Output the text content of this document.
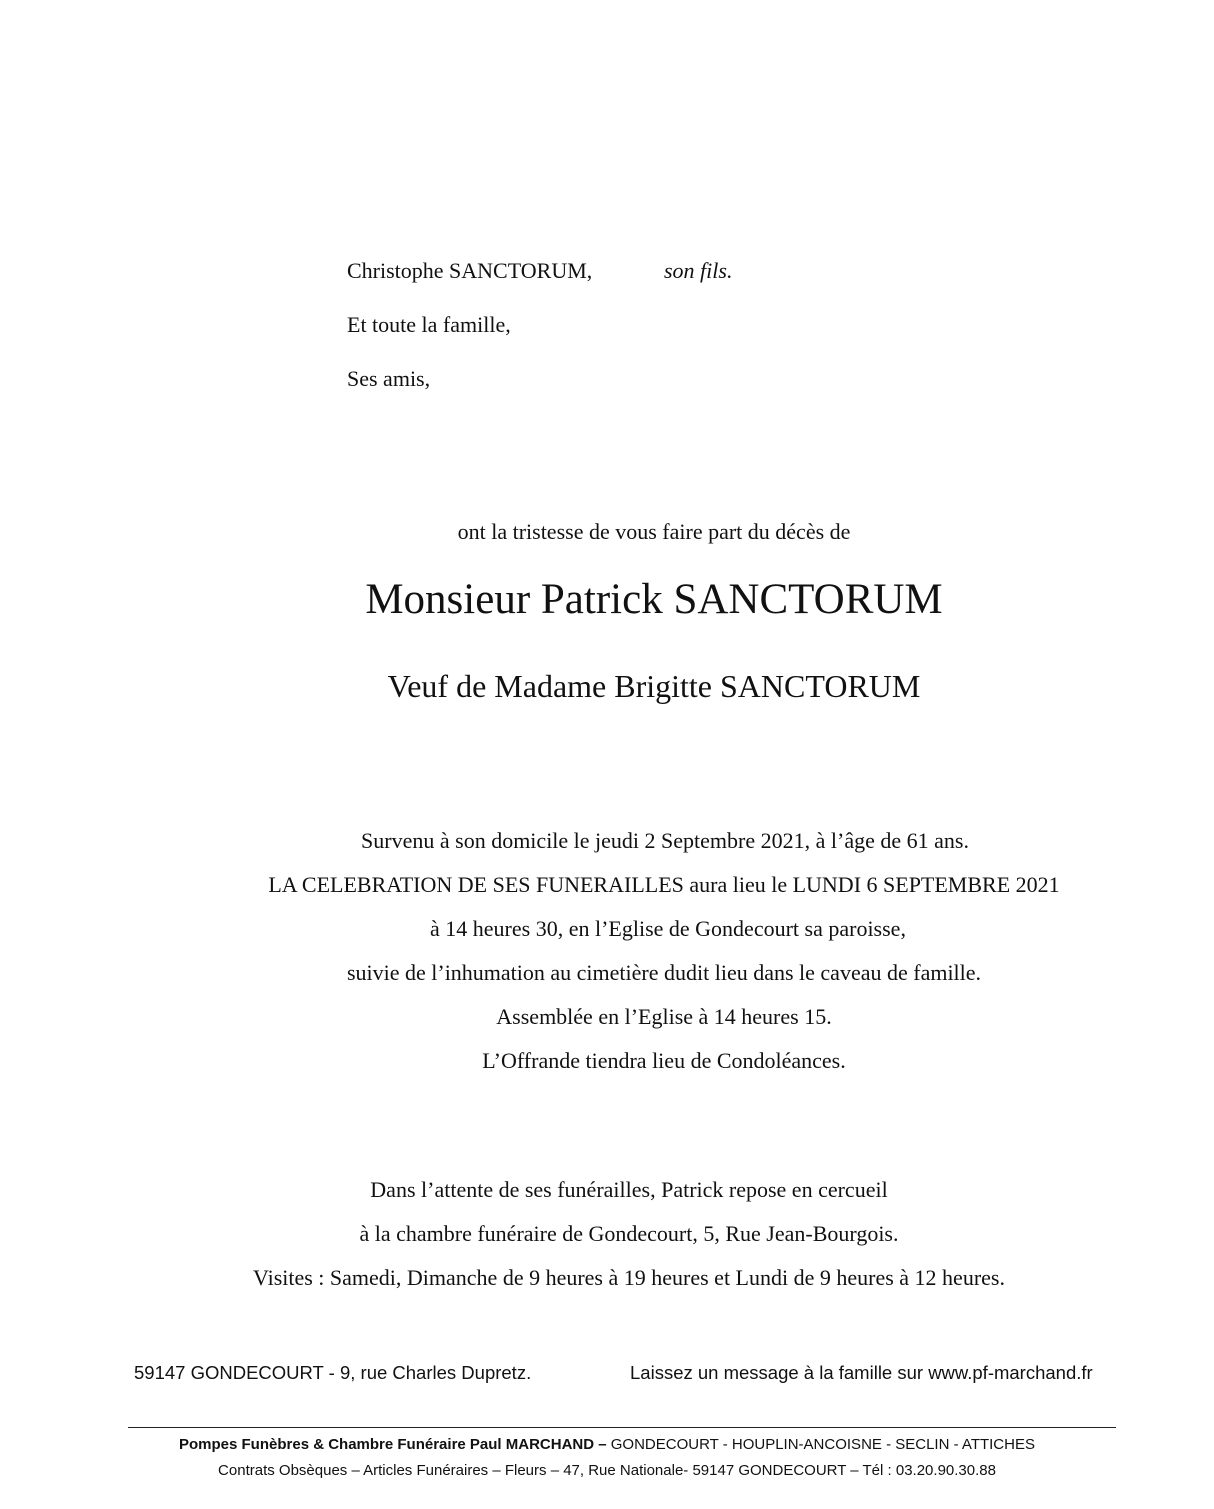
Christophe SANCTORUM,	son fils.
Et toute la famille,
Ses amis,
ont la tristesse de vous faire part du décès de
Monsieur Patrick SANCTORUM
Veuf de Madame Brigitte SANCTORUM
Survenu à son domicile le jeudi 2 Septembre 2021, à l’âge de 61 ans.
LA CELEBRATION DE SES FUNERAILLES aura lieu le LUNDI 6 SEPTEMBRE 2021
à 14 heures 30, en l’Eglise de Gondecourt sa paroisse,
suivie de l’inhumation au cimetière dudit lieu dans le caveau de famille.
Assemblée en l’Eglise à 14 heures 15.
L’Offrande tiendra lieu de Condoléances.
Dans l’attente de ses funérailles, Patrick repose en cercueil
à la chambre funéraire de Gondecourt, 5, Rue Jean-Bourgois.
Visites : Samedi, Dimanche de 9 heures à 19 heures et Lundi de 9 heures à 12 heures.
59147 GONDECOURT - 9, rue Charles Dupretz.	Laissez un message à la famille sur www.pf-marchand.fr
Pompes Funèbres & Chambre Funéraire Paul MARCHAND – GONDECOURT - HOUPLIN-ANCOISNE - SECLIN - ATTICHES
Contrats Obsèques – Articles Funéraires – Fleurs – 47, Rue Nationale- 59147 GONDECOURT – Tél : 03.20.90.30.88
